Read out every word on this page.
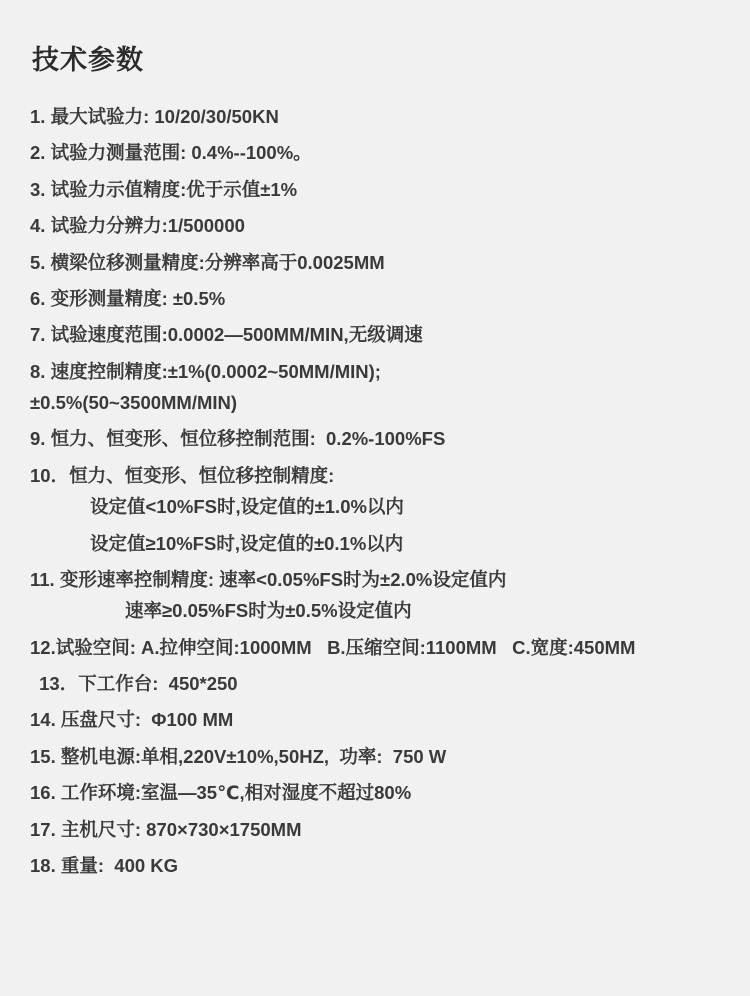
技术参数
1. 最大试验力: 10/20/30/50KN
2. 试验力测量范围: 0.4%--100%。
3. 试验力示值精度:优于示值±1%
4. 试验力分辨力:1/500000
5. 横梁位移测量精度:分辨率高于0.0025MM
6. 变形测量精度: ±0.5%
7. 试验速度范围:0.0002—500MM/MIN,无级调速
8. 速度控制精度:±1%(0.0002~50MM/MIN);
±0.5%(50~3500MM/MIN)
9. 恒力、恒变形、恒位移控制范围:  0.2%-100%FS
10．恒力、恒变形、恒位移控制精度:
设定值<10%FS时,设定值的±1.0%以内
设定值≥10%FS时,设定值的±0.1%以内
11. 变形速率控制精度: 速率<0.05%FS时为±2.0%设定值内
速率≥0.05%FS时为±0.5%设定值内
12.试验空间: A.拉伸空间:1000MM   B.压缩空间:1100MM   C.宽度:450MM
13．下工作台:  450*250
14. 压盘尺寸:  Φ100 MM
15. 整机电源:单相,220V±10%,50HZ,  功率:  750 W
16. 工作环境:室温—35℃,相对湿度不超过80%
17. 主机尺寸: 870×730×1750MM
18. 重量:  400 KG
